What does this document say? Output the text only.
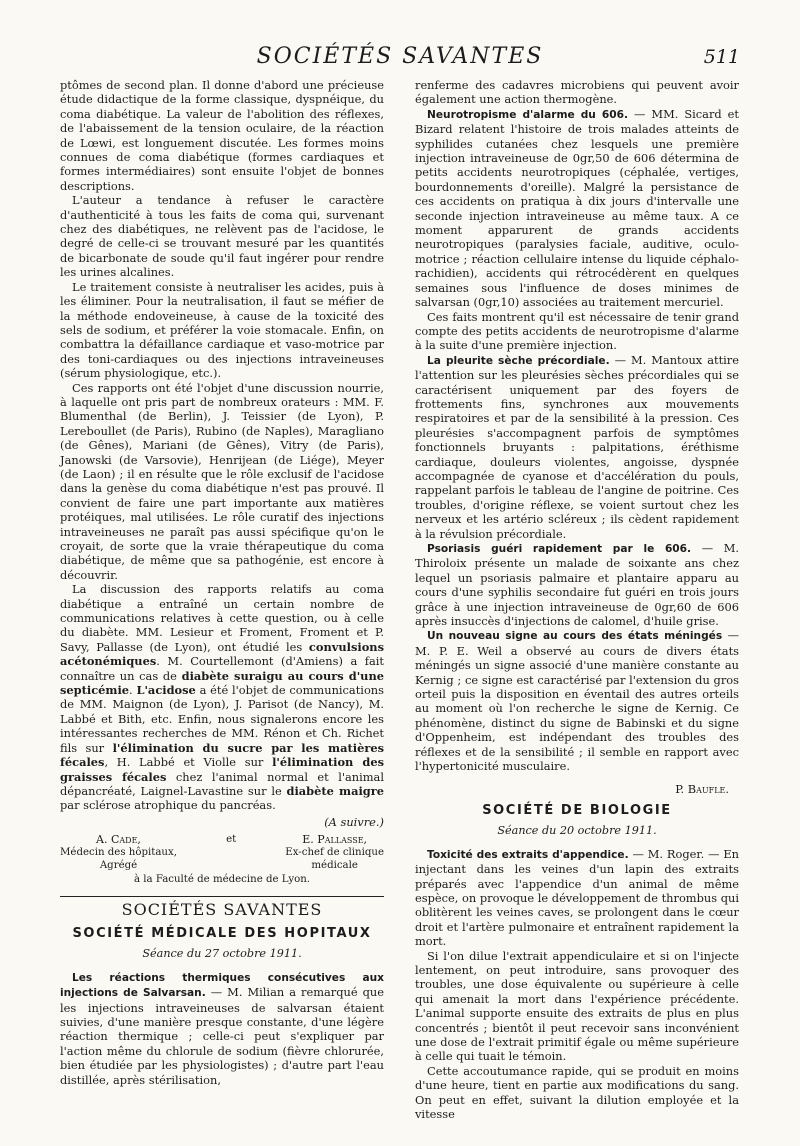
SOCIÉTÉS SAVANTES	511

ptômes de second plan. Il donne d'abord une précieuse étude didactique de la forme classique, dyspnéique, du coma diabétique. La valeur de l'abolition des réflexes, de l'abaissement de la tension oculaire, de la réaction de Lœwi, est longuement discutée. Les formes moins connues de coma diabétique (formes cardiaques et formes intermédiaires) sont ensuite l'objet de bonnes descriptions.

L'auteur a tendance à refuser le caractère d'authenticité à tous les faits de coma qui, survenant chez des diabétiques, ne relèvent pas de l'acidose, le degré de celle-ci se trouvant mesuré par les quantités de bicarbonate de soude qu'il faut ingérer pour rendre les urines alcalines.

Le traitement consiste à neutraliser les acides, puis à les éliminer. Pour la neutralisation, il faut se méfier de la méthode endoveineuse, à cause de la toxicité des sels de sodium, et préférer la voie stomacale. Enfin, on combattra la défaillance cardiaque et vaso-motrice par des toni-cardiaques ou des injections intraveineuses (sérum physiologique, etc.).

Ces rapports ont été l'objet d'une discussion nourrie, à laquelle ont pris part de nombreux orateurs : MM. F. Blumenthal (de Berlin), J. Teissier (de Lyon), P. Lereboullet (de Paris), Rubino (de Naples), Maragliano (de Gênes), Mariani (de Gênes), Vitry (de Paris), Janowski (de Varsovie), Henrijean (de Liége), Meyer (de Laon) ; il en résulte que le rôle exclusif de l'acidose dans la genèse du coma diabétique n'est pas prouvé. Il convient de faire une part importante aux matières protéiques, mal utilisées. Le rôle curatif des injections intraveineuses ne paraît pas aussi spécifique qu'on le croyait, de sorte que la vraie thérapeutique du coma diabétique, de même que sa pathogénie, est encore à découvrir.

La discussion des rapports relatifs au coma diabétique a entraîné un certain nombre de communications relatives à cette question, ou à celle du diabète. MM. Lesieur et Froment, Froment et P. Savy, Pallasse (de Lyon), ont étudié les convulsions acétonémiques. M. Courtellemont (d'Amiens) a fait connaître un cas de diabète suraigu au cours d'une septicémie. L'acidose a été l'objet de communications de MM. Maignon (de Lyon), J. Parisot (de Nancy), M. Labbé et Bith, etc. Enfin, nous signalerons encore les intéressantes recherches de MM. Rénon et Ch. Richet fils sur l'élimination du sucre par les matières fécales, H. Labbé et Violle sur l'élimination des graisses fécales chez l'animal normal et l'animal dépancréaté, Laignel-Lavastine sur le diabète maigre par sclérose atrophique du pancréas.

(A suivre.)
A. Cade,
Médecin des hôpitaux,
Agrégé
et	E. Pallasse,
Ex-chef de clinique
médicale
à la Faculté de médecine de Lyon.
SOCIÉTÉS SAVANTES
SOCIÉTÉ MÉDICALE DES HOPITAUX
Séance du 27 octobre 1911.

Les réactions thermiques consécutives aux injections de Salvarsan. — M. Milian a remarqué que les injections intraveineuses de salvarsan étaient suivies, d'une manière presque constante, d'une légère réaction thermique ; celle-ci peut s'expliquer par l'action même du chlorule de sodium (fièvre chlorurée, bien étudiée par les physiologistes) ; d'autre part l'eau distillée, après stérilisation,

renferme des cadavres microbiens qui peuvent avoir également une action thermogène.

Neurotropisme d'alarme du 606. — MM. Sicard et Bizard relatent l'histoire de trois malades atteints de syphilides cutanées chez lesquels une première injection intraveineuse de 0gr,50 de 606 détermina de petits accidents neurotropiques (céphalée, vertiges, bourdonnements d'oreille). Malgré la persistance de ces accidents on pratiqua à dix jours d'intervalle une seconde injection intraveineuse au même taux. A ce moment apparurent de grands accidents neurotropiques (paralysies faciale, auditive, oculo-motrice ; réaction cellulaire intense du liquide céphalo-rachidien), accidents qui rétrocédèrent en quelques semaines sous l'influence de doses minimes de salvarsan (0gr,10) associées au traitement mercuriel.

Ces faits montrent qu'il est nécessaire de tenir grand compte des petits accidents de neurotropisme d'alarme à la suite d'une première injection.

La pleurite sèche précordiale. — M. Mantoux attire l'attention sur les pleurésies sèches précordiales qui se caractérisent uniquement par des foyers de frottements fins, synchrones aux mouvements respiratoires et par de la sensibilité à la pression. Ces pleurésies s'accompagnent parfois de symptômes fonctionnels bruyants : palpitations, éréthisme cardiaque, douleurs violentes, angoisse, dyspnée accompagnée de cyanose et d'accélération du pouls, rappelant parfois le tableau de l'angine de poitrine. Ces troubles, d'origine réflexe, se voient surtout chez les nerveux et les artério scléreux ; ils cèdent rapidement à la révulsion précordiale.

Psoriasis guéri rapidement par le 606. — M. Thiroloix présente un malade de soixante ans chez lequel un psoriasis palmaire et plantaire apparu au cours d'une syphilis secondaire fut guéri en trois jours grâce à une injection intraveineuse de 0gr,60 de 606 après insuccès d'injections de calomel, d'huile grise.

Un nouveau signe au cours des états méningés — M. P. E. Weil a observé au cours de divers états méningés un signe associé d'une manière constante au Kernig ; ce signe est caractérisé par l'extension du gros orteil puis la disposition en éventail des autres orteils au moment où l'on recherche le signe de Kernig. Ce phénomène, distinct du signe de Babinski et du signe d'Oppenheim, est indépendant des troubles des réflexes et de la sensibilité ; il semble en rapport avec l'hypertonicité musculaire.

P. Baufle.
SOCIÉTÉ DE BIOLOGIE
Séance du 20 octobre 1911.

Toxicité des extraits d'appendice. — M. Roger. — En injectant dans les veines d'un lapin des extraits préparés avec l'appendice d'un animal de même espèce, on provoque le développement de thrombus qui oblitèrent les veines caves, se prolongent dans le cœur droit et l'artère pulmonaire et entraînent rapidement la mort.

Si l'on dilue l'extrait appendiculaire et si on l'injecte lentement, on peut introduire, sans provoquer des troubles, une dose équivalente ou supérieure à celle qui amenait la mort dans l'expérience précédente. L'animal supporte ensuite des extraits de plus en plus concentrés ; bientôt il peut recevoir sans inconvénient une dose de l'extrait primitif égale ou même supérieure à celle qui tuait le témoin.

Cette accoutumance rapide, qui se produit en moins d'une heure, tient en partie aux modifications du sang. On peut en effet, suivant la dilution employée et la vitesse
